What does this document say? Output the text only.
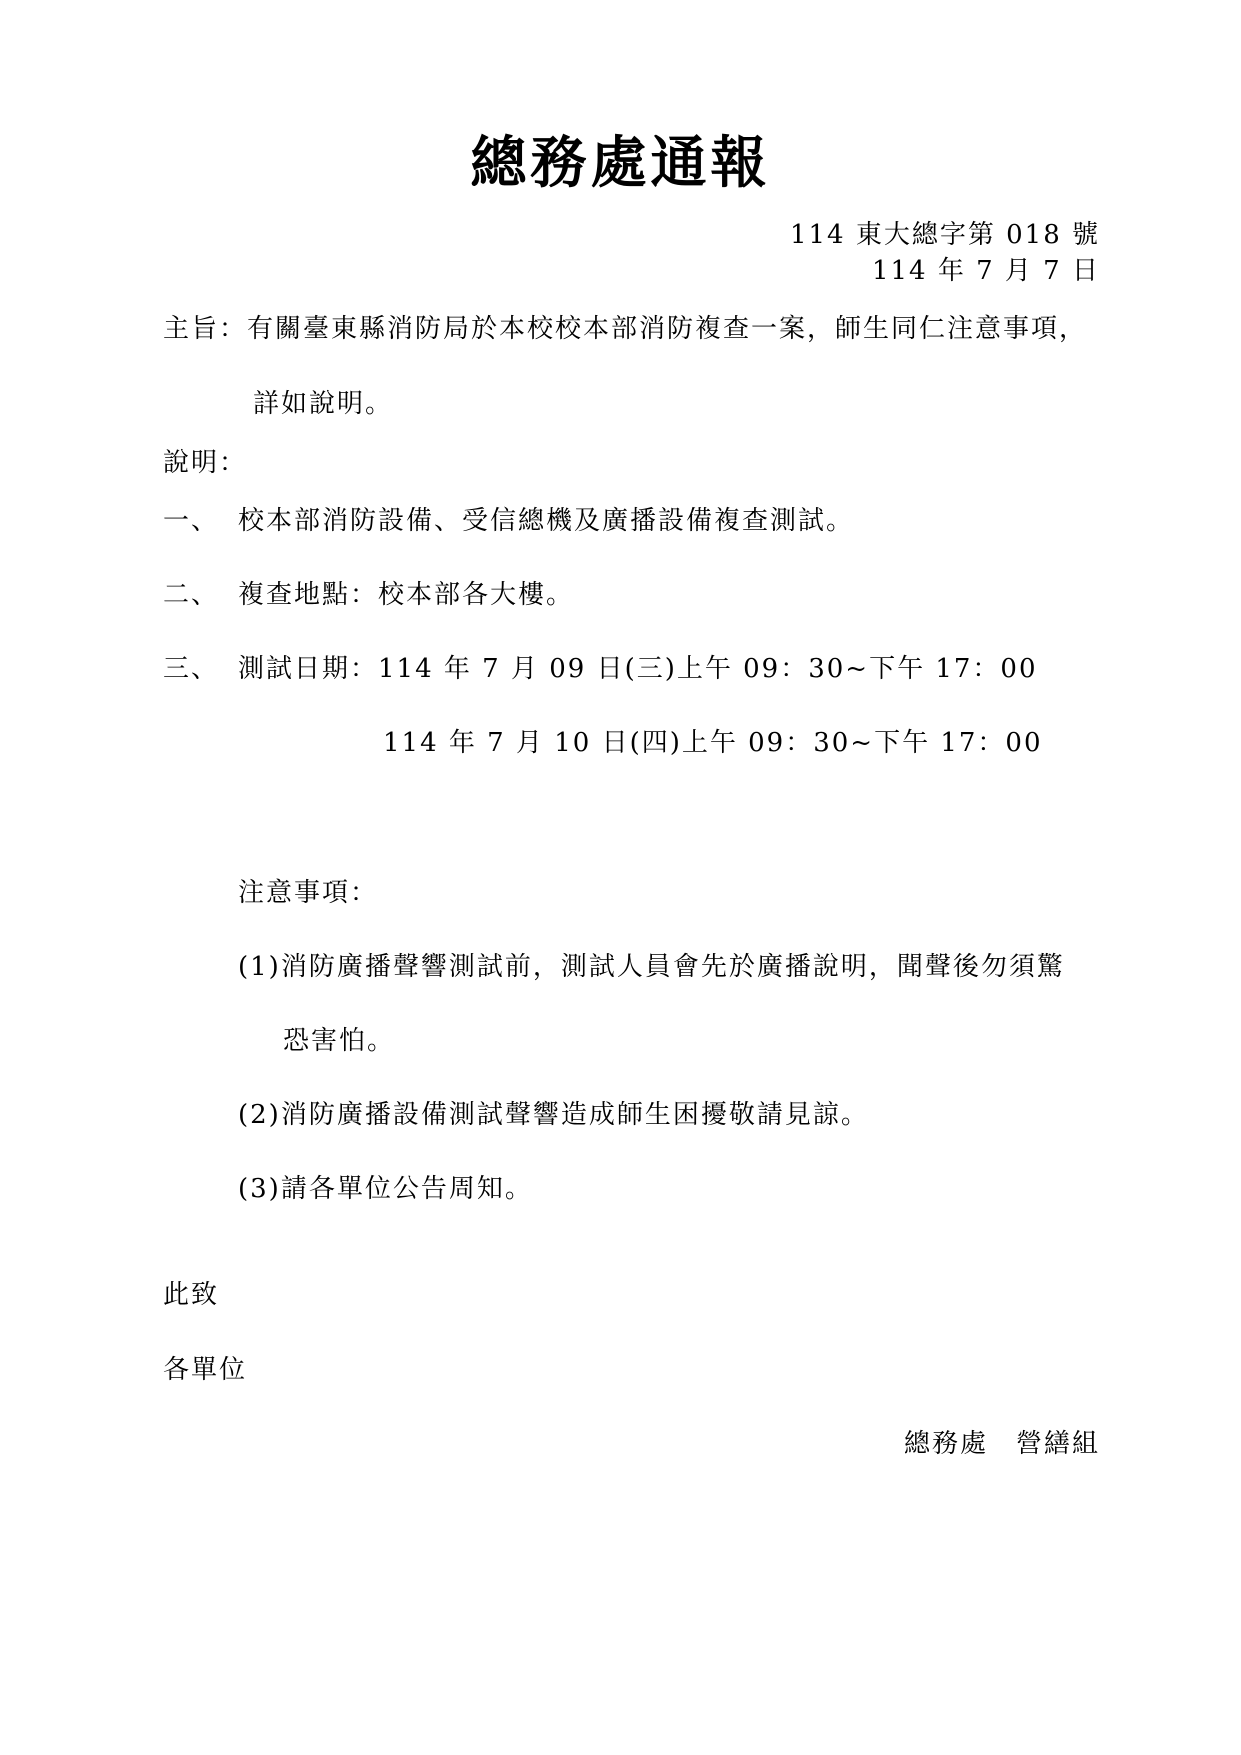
總務處通報
114 東大總字第 018 號
114 年 7 月 7 日
主旨：有關臺東縣消防局於本校校本部消防複查一案，師生同仁注意事項，
詳如說明。
說明：
一、 校本部消防設備、受信總機及廣播設備複查測試。
二、 複查地點：校本部各大樓。
三、 測試日期：114 年 7 月 09 日(三)上午 09：30~下午 17：00
114 年 7 月 10 日(四)上午 09：30~下午 17：00
注意事項：
(1)消防廣播聲響測試前，測試人員會先於廣播說明，聞聲後勿須驚
恐害怕。
(2)消防廣播設備測試聲響造成師生困擾敬請見諒。
(3)請各單位公告周知。
此致
各單位
總務處　營繕組
